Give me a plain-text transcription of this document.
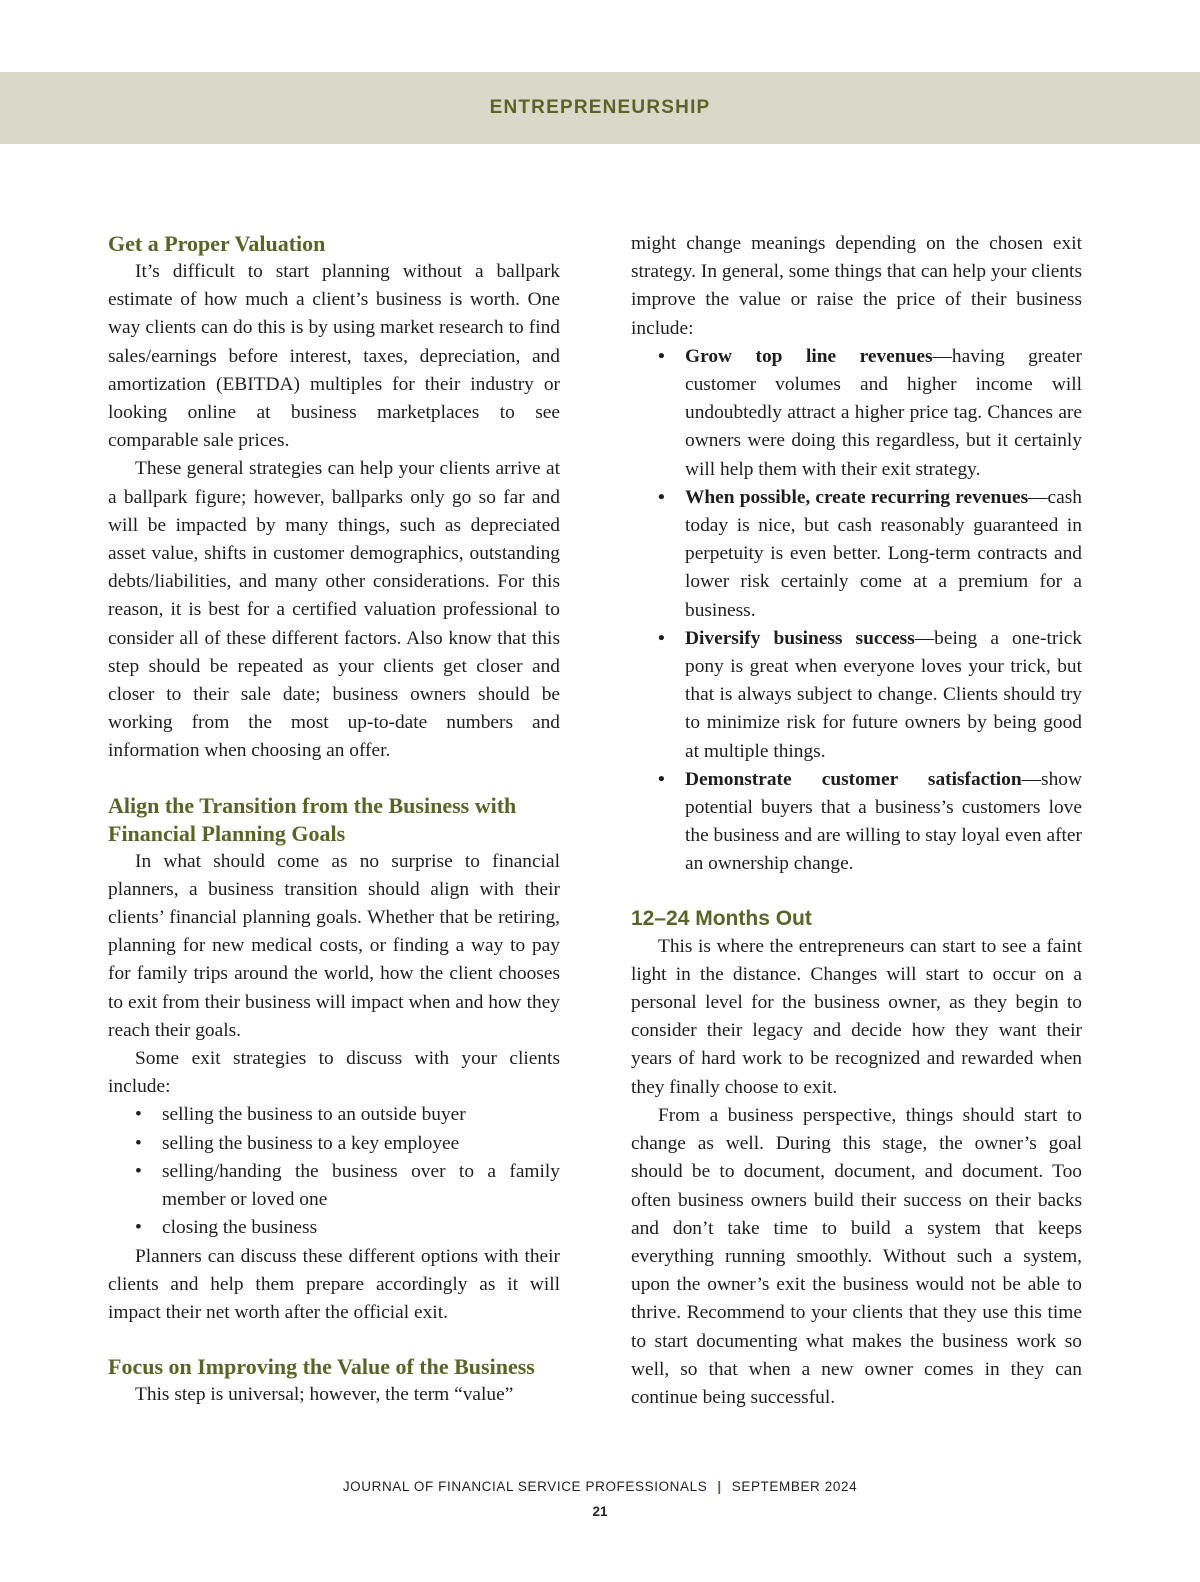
ENTREPRENEURSHIP
Get a Proper Valuation

It’s difficult to start planning without a ballpark estimate of how much a client’s business is worth. One way clients can do this is by using market research to find sales/earnings before interest, taxes, depreciation, and amortization (EBITDA) multiples for their industry or looking online at business marketplaces to see comparable sale prices.

These general strategies can help your clients arrive at a ballpark figure; however, ballparks only go so far and will be impacted by many things, such as depreciated asset value, shifts in customer demographics, outstanding debts/liabilities, and many other considerations. For this reason, it is best for a certified valuation professional to consider all of these different factors. Also know that this step should be repeated as your clients get closer and closer to their sale date; business owners should be working from the most up-to-date numbers and information when choosing an offer.

Align the Transition from the Business with Financial Planning Goals

In what should come as no surprise to financial planners, a business transition should align with their clients’ financial planning goals. Whether that be retiring, planning for new medical costs, or finding a way to pay for family trips around the world, how the client chooses to exit from their business will impact when and how they reach their goals.

Some exit strategies to discuss with your clients include:

• selling the business to an outside buyer
• selling the business to a key employee
• selling/handing the business over to a family member or loved one
• closing the business

Planners can discuss these different options with their clients and help them prepare accordingly as it will impact their net worth after the official exit.

Focus on Improving the Value of the Business

This step is universal; however, the term “value”

might change meanings depending on the chosen exit strategy. In general, some things that can help your clients improve the value or raise the price of their business include:

• Grow top line revenues—having greater customer volumes and higher income will undoubtedly attract a higher price tag. Chances are owners were doing this regardless, but it certainly will help them with their exit strategy.
• When possible, create recurring revenues—cash today is nice, but cash reasonably guaranteed in perpetuity is even better. Long-term contracts and lower risk certainly come at a premium for a business.
• Diversify business success—being a one-trick pony is great when everyone loves your trick, but that is always subject to change. Clients should try to minimize risk for future owners by being good at multiple things.
• Demonstrate customer satisfaction—show potential buyers that a business’s customers love the business and are willing to stay loyal even after an ownership change.
12–24 Months Out

This is where the entrepreneurs can start to see a faint light in the distance. Changes will start to occur on a personal level for the business owner, as they begin to consider their legacy and decide how they want their years of hard work to be recognized and rewarded when they finally choose to exit.

From a business perspective, things should start to change as well. During this stage, the owner’s goal should be to document, document, and document. Too often business owners build their success on their backs and don’t take time to build a system that keeps everything running smoothly. Without such a system, upon the owner’s exit the business would not be able to thrive. Recommend to your clients that they use this time to start documenting what makes the business work so well, so that when a new owner comes in they can continue being successful.

JOURNAL OF FINANCIAL SERVICE PROFESSIONALS | SEPTEMBER 2024
21
